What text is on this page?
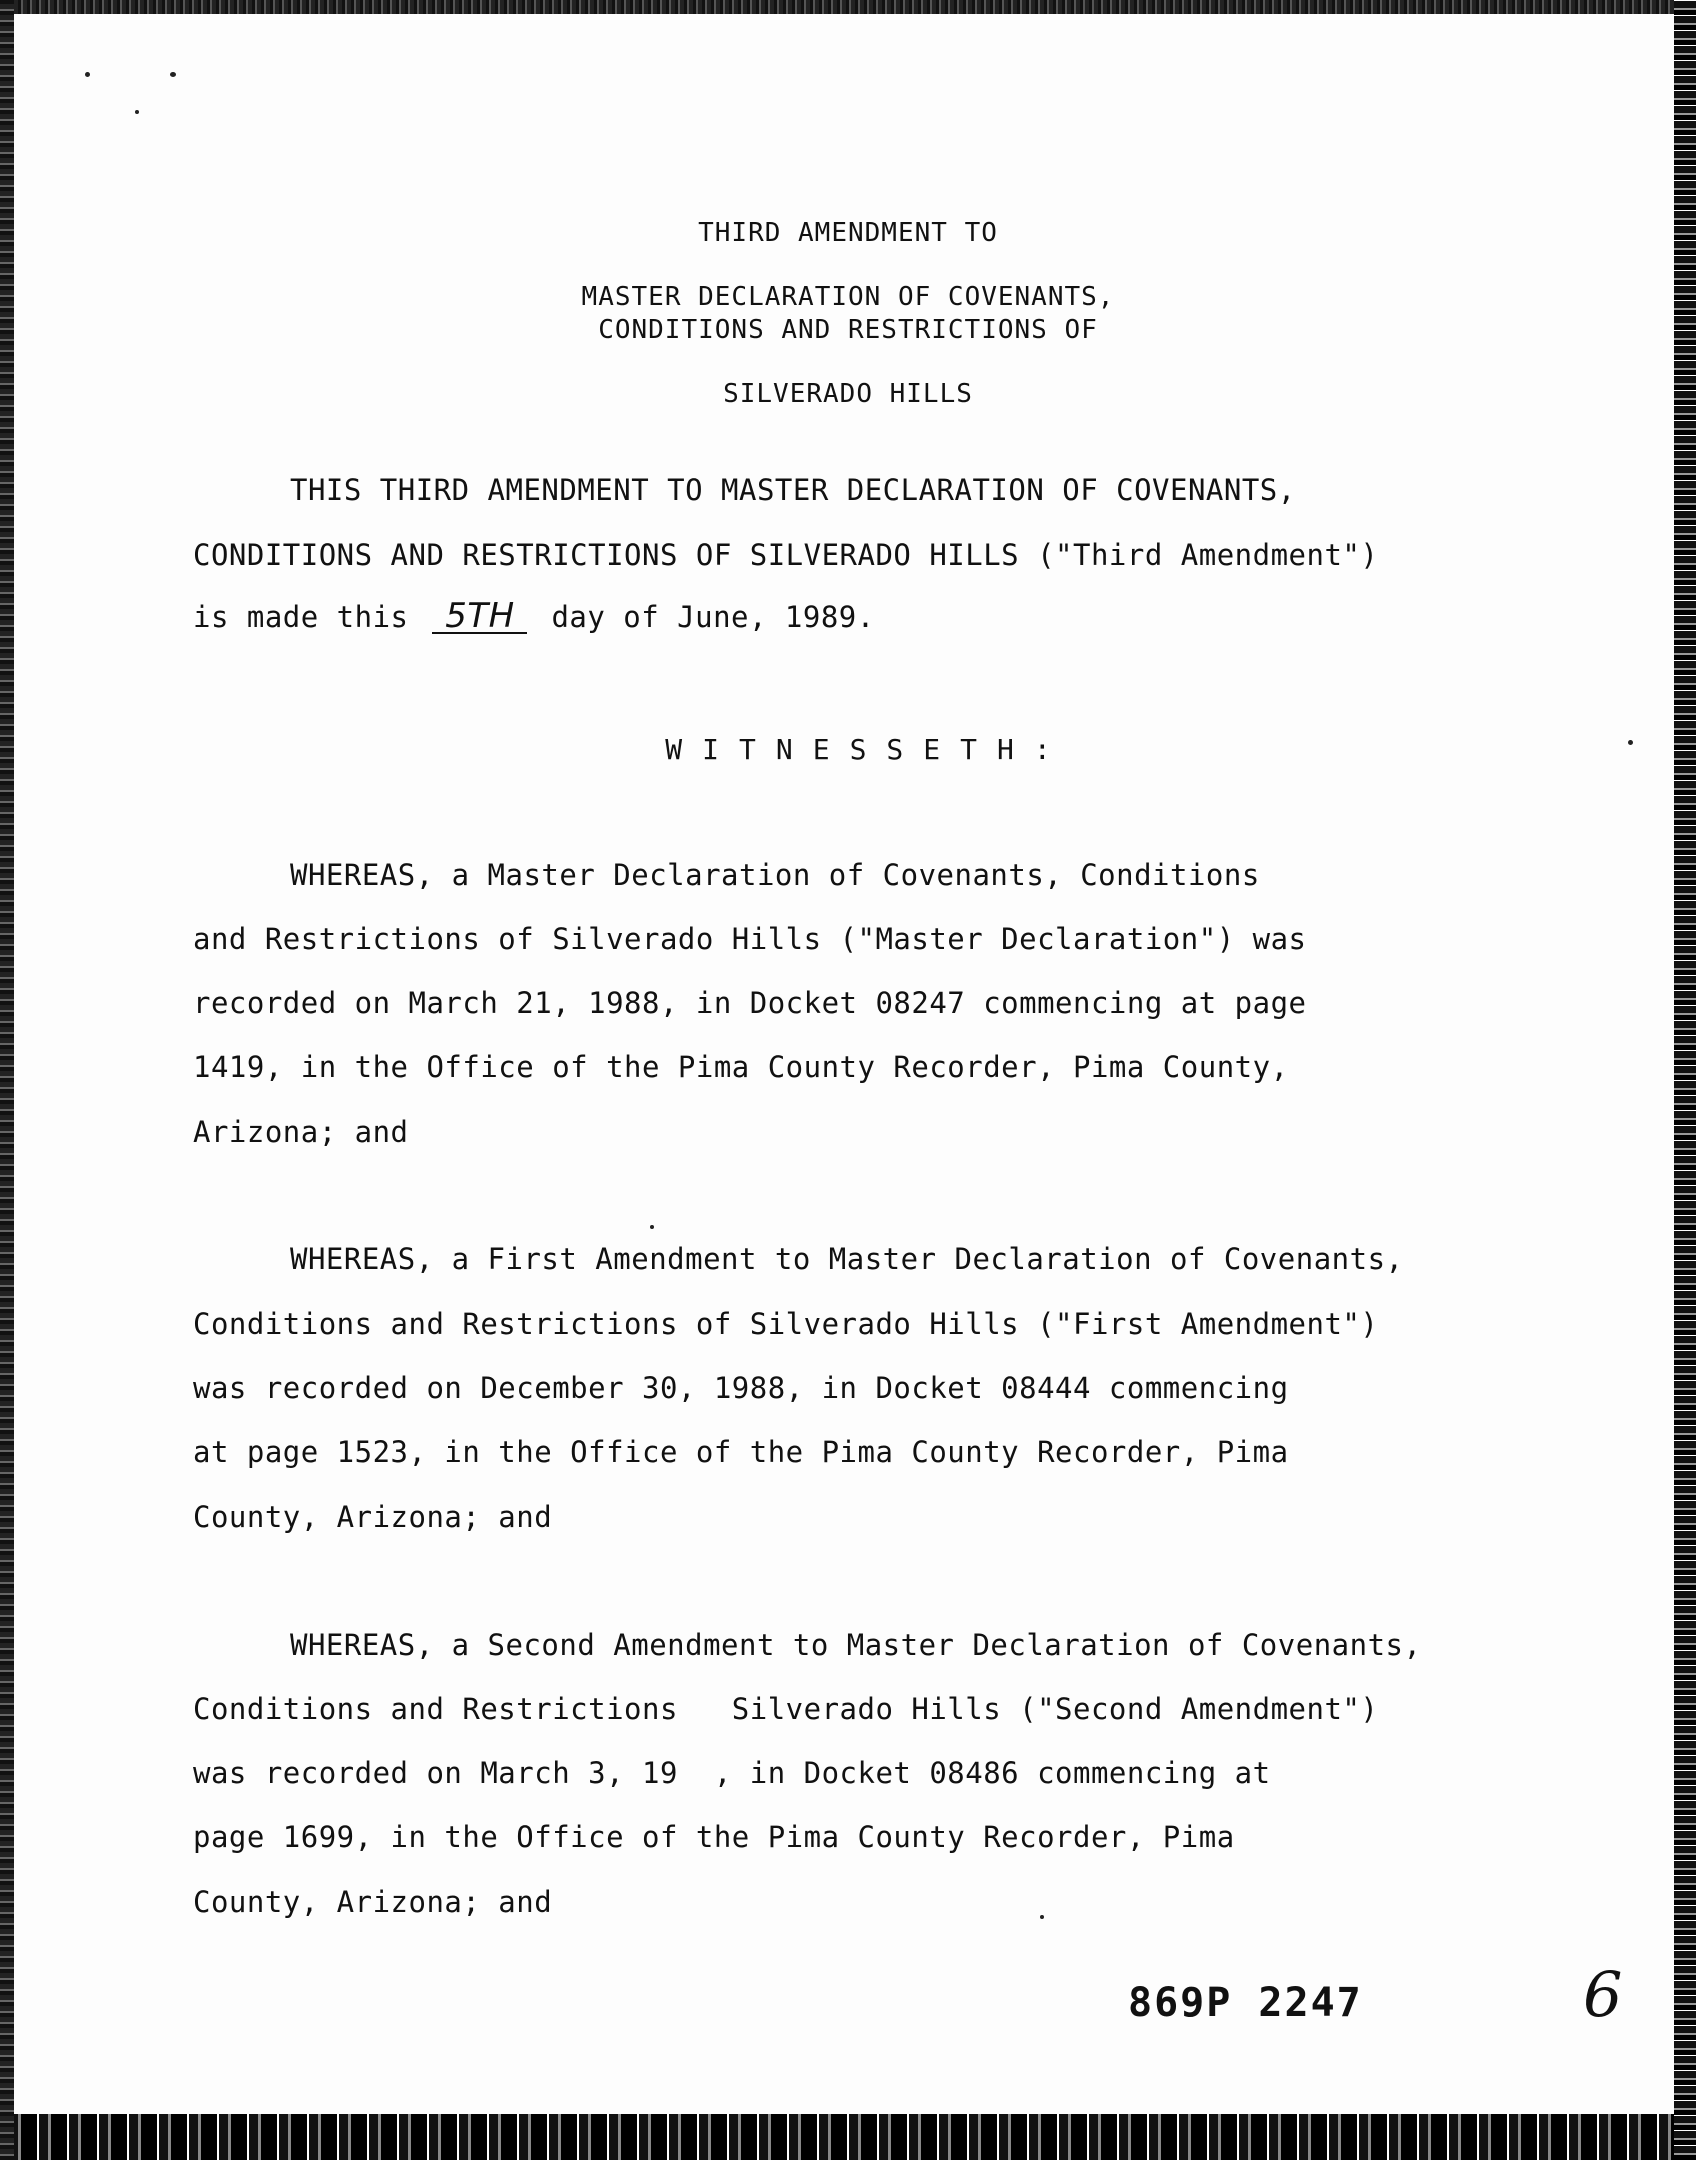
THIRD AMENDMENT TO
MASTER DECLARATION OF COVENANTS,
CONDITIONS AND RESTRICTIONS OF
SILVERADO HILLS
THIS THIRD AMENDMENT TO MASTER DECLARATION OF COVENANTS,
CONDITIONS AND RESTRICTIONS OF SILVERADO HILLS ("Third Amendment")
is made this 5TH day of June, 1989.
WITNESSETH:
WHEREAS, a Master Declaration of Covenants, Conditions
and Restrictions of Silverado Hills ("Master Declaration") was
recorded on March 21, 1988, in Docket 08247 commencing at page
1419, in the Office of the Pima County Recorder, Pima County,
Arizona; and
WHEREAS, a First Amendment to Master Declaration of Covenants,
Conditions and Restrictions of Silverado Hills ("First Amendment")
was recorded on December 30, 1988, in Docket 08444 commencing
at page 1523, in the Office of the Pima County Recorder, Pima
County, Arizona; and
WHEREAS, a Second Amendment to Master Declaration of Covenants,
Conditions and Restrictions   Silverado Hills ("Second Amendment")
was recorded on March 3, 19  , in Docket 08486 commencing at
page 1699, in the Office of the Pima County Recorder, Pima
County, Arizona; and
869P 2247	6
